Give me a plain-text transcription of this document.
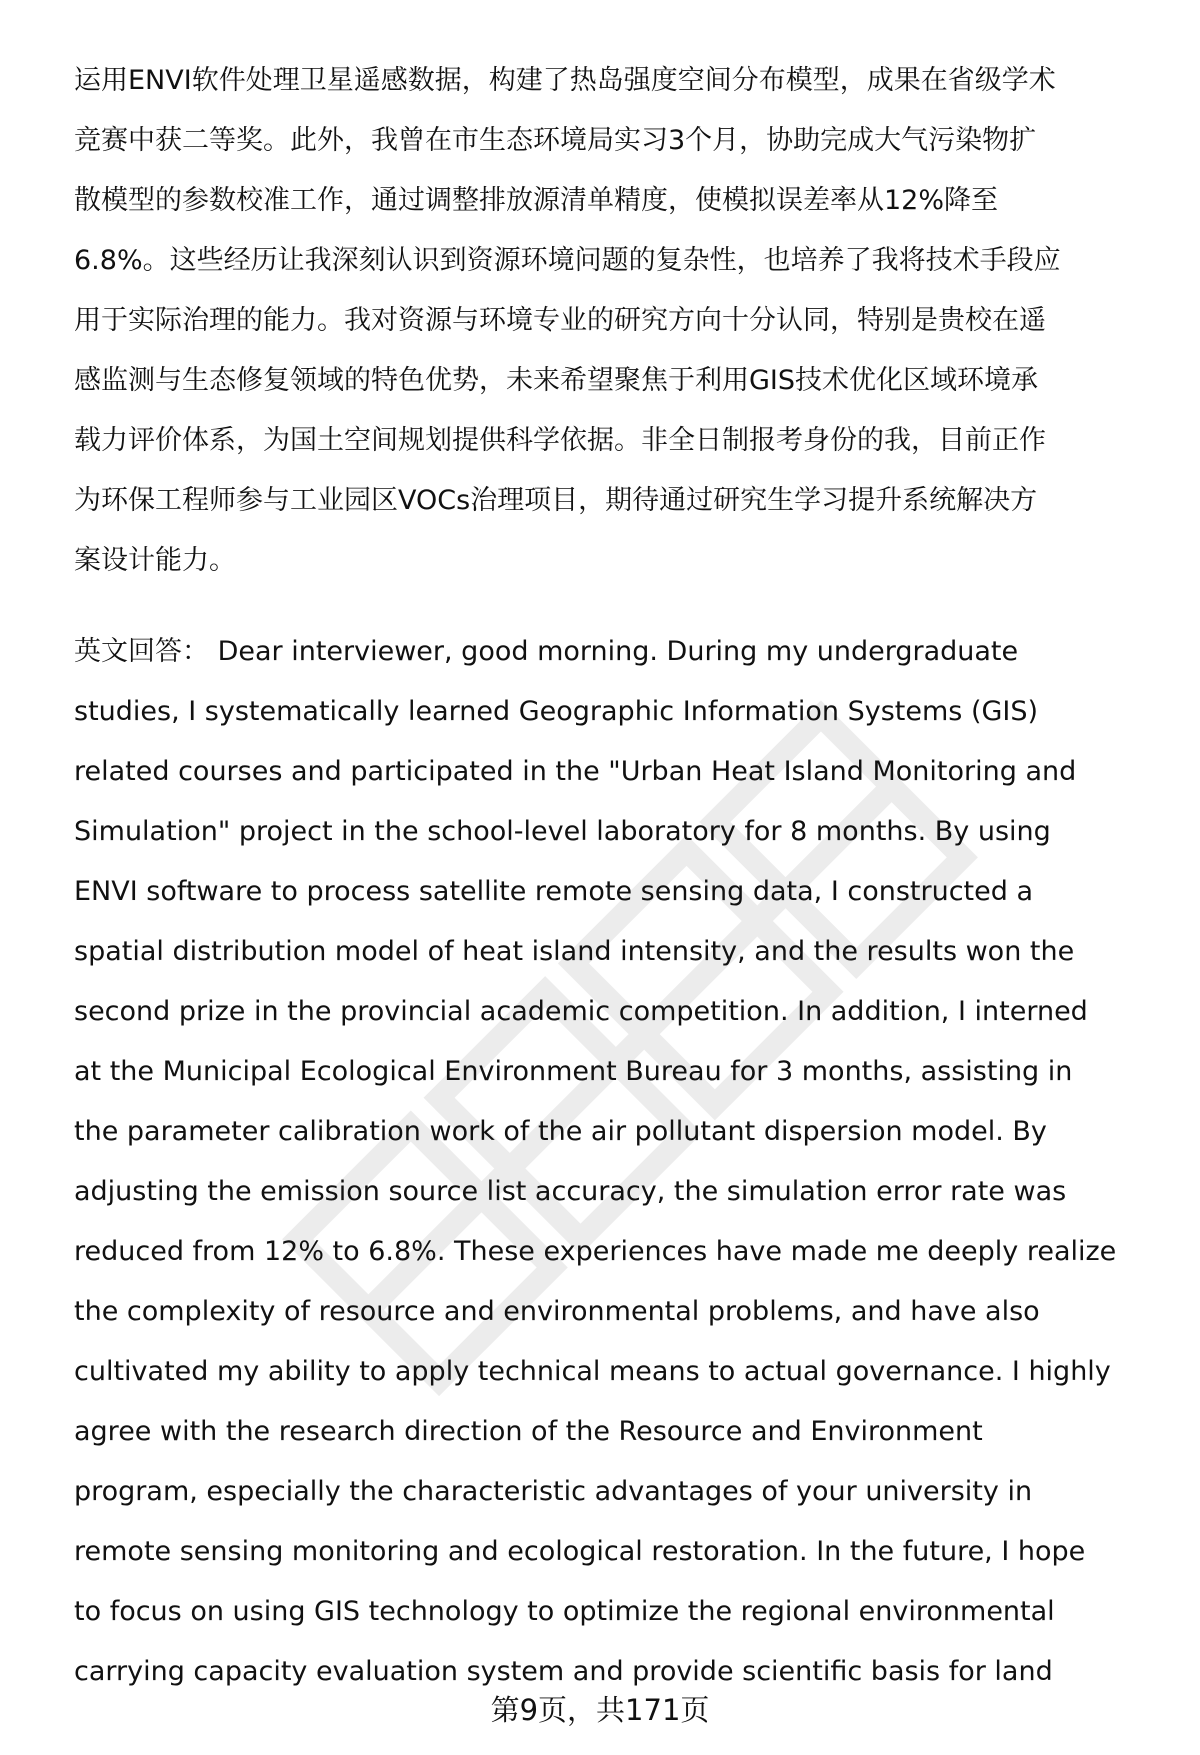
运用ENVI软件处理卫星遥感数据，构建了热岛强度空间分布模型，成果在省级学术
竞赛中获二等奖。此外，我曾在市生态环境局实习3个月，协助完成大气污染物扩
散模型的参数校准工作，通过调整排放源清单精度，使模拟误差率从12%降至
6.8%。这些经历让我深刻认识到资源环境问题的复杂性，也培养了我将技术手段应
用于实际治理的能力。我对资源与环境专业的研究方向十分认同，特别是贵校在遥
感监测与生态修复领域的特色优势，未来希望聚焦于利用GIS技术优化区域环境承
载力评价体系，为国土空间规划提供科学依据。非全日制报考身份的我，目前正作
为环保工程师参与工业园区VOCs治理项目，期待通过研究生学习提升系统解决方
案设计能力。
英文回答： Dear interviewer, good morning. During my undergraduate
studies, I systematically learned Geographic Information Systems (GIS)
related courses and participated in the "Urban Heat Island Monitoring and
Simulation" project in the school-level laboratory for 8 months. By using
ENVI software to process satellite remote sensing data, I constructed a
spatial distribution model of heat island intensity, and the results won the
second prize in the provincial academic competition. In addition, I interned
at the Municipal Ecological Environment Bureau for 3 months, assisting in
the parameter calibration work of the air pollutant dispersion model. By
adjusting the emission source list accuracy, the simulation error rate was
reduced from 12% to 6.8%. These experiences have made me deeply realize
the complexity of resource and environmental problems, and have also
cultivated my ability to apply technical means to actual governance. I highly
agree with the research direction of the Resource and Environment
program, especially the characteristic advantages of your university in
remote sensing monitoring and ecological restoration. In the future, I hope
to focus on using GIS technology to optimize the regional environmental
carrying capacity evaluation system and provide scientific basis for land
第9页，共171页
